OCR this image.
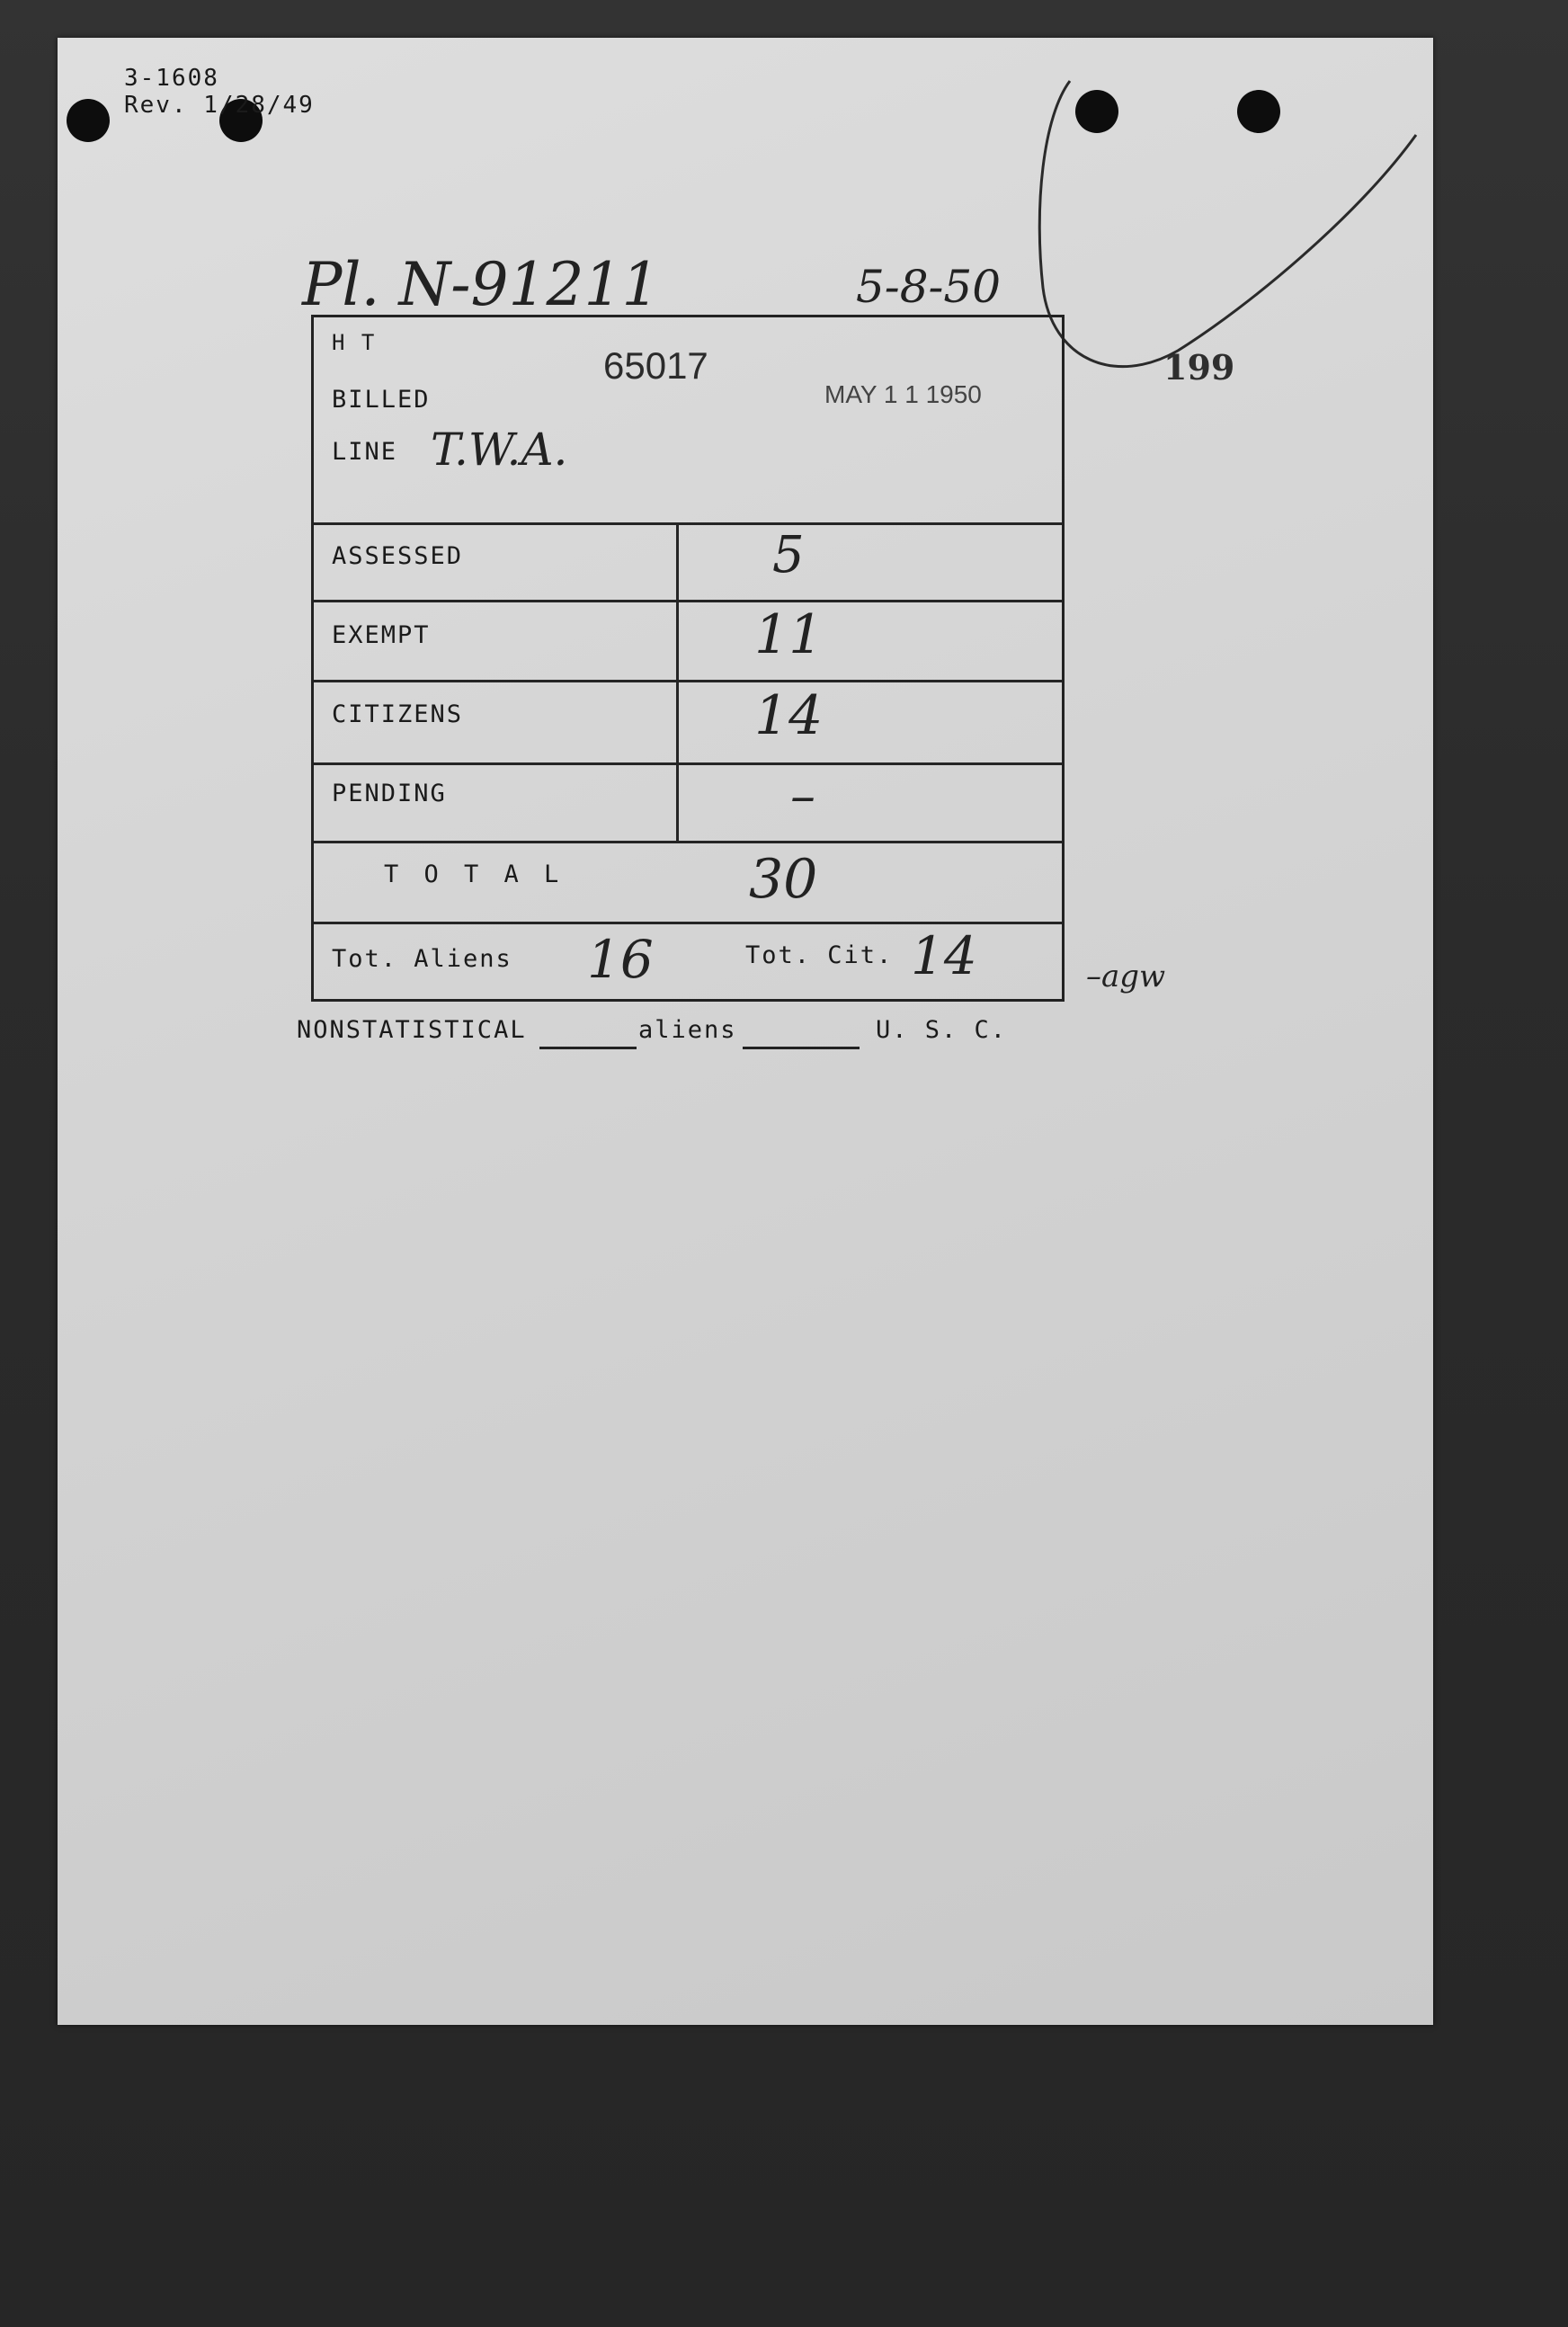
3-1608
Rev. 1/28/49
Pl. N-91211	5-8-50
199
H T
65017
BILLED	MAY 1 1 1950
LINE T.W.A.
ASSESSED	5
EXEMPT	11
CITIZENS	14
PENDING	–
T O T A L	30
Tot. Aliens 16	Tot. Cit. 14	–agw
NONSTATISTICAL	aliens	U. S. C.
